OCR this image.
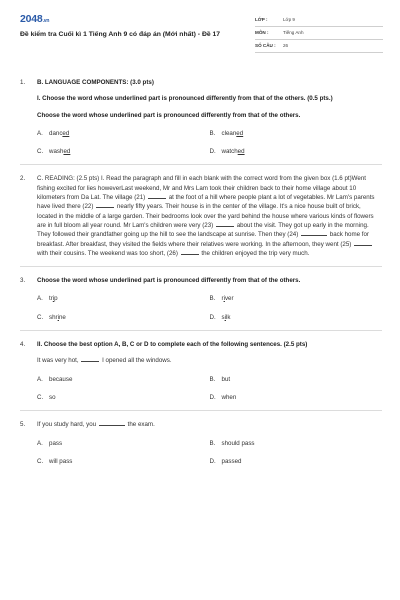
2048.vn
Đề kiểm tra Cuối kì 1 Tiếng Anh 9 có đáp án (Mới nhất) - Đề 17
LỚP :	Lớp 9
MÔN :	Tiếng Anh
SỐ CÂU :	26
1.	B. LANGUAGE COMPONENTS: (3.0 pts)
I. Choose the word whose underlined part is pronounced differently from that of the others. (0.5 pts.)
Choose the word whose underlined part is pronounced differently from that of the others.
A. danc ed	B. clean ed
C. wash ed	D. watch ed
2.	C. READING: (2.5 pts) I. Read the paragraph and fill in each blank with the correct word from the given box (1.6 pt)Went fishing excited for lies howeverLast weekend, Mr and Mrs Lam took their children back to their home village about 10 kilometers from Da Lat. The village (21)	at the foot of a hill where people plant a lot of vegetables. Mr Lam's parents have lived there (22)	nearly fifty years. Their house is in the center of the village. It's a nice house built of brick, located in the middle of a large garden. Their bedrooms look over the yard behind the house where various kinds of flowers are in full bloom all year round. Mr Lam's children were very (23)	about the visit. They got up early in the morning. They followed their grandfather going up the hill to see the landscape at sunrise. Then they (24)	back home for breakfast. After breakfast, they visited the fields where their relatives were working. In the afternoon, they went (25)  with their cousins. The weekend was too short, (26)	the children enjoyed the trip very much.
3.	Choose the word whose underlined part is pronounced differently from that of the others.
A. tr i p	B. r i ver
C. shr i ne	D. s i lk
4.	II. Choose the best option A, B, C or D to complete each of the following sentences. (2.5 pts)
It was very hot,	I opened all the windows.
A. because	B. but
C. so	D. when
5.	If you study hard, you	the exam.
A. pass	B. should pass
C. will pass	D. passed
